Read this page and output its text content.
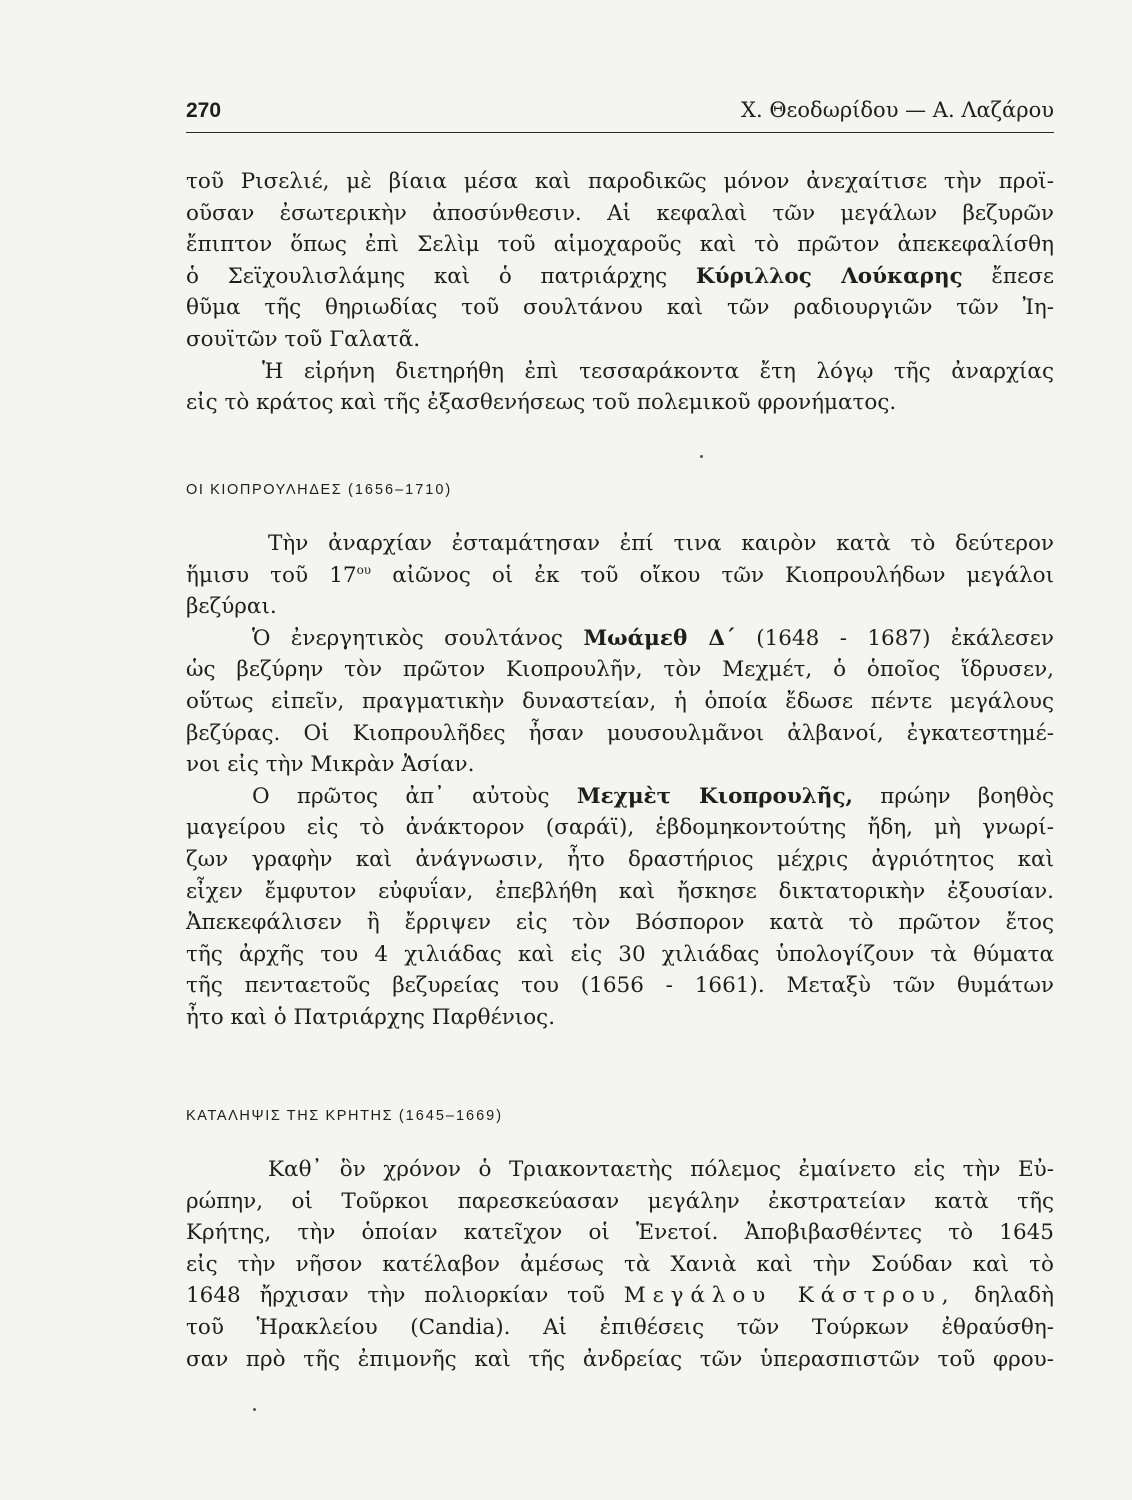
270	Χ. Θεοδωρίδου — Α. Λαζάρου
τοῦ Ρισελιέ, μὲ βίαια μέσα καὶ παροδικῶς μόνον ἀνεχαίτισε τὴν προϊ-
οῦσαν ἐσωτερικὴν ἀποσύνθεσιν. Αἱ κεφαλαὶ τῶν μεγάλων βεζυρῶν
ἔπιπτον ὅπως ἐπὶ Σελὶμ τοῦ αἱμοχαροῦς καὶ τὸ πρῶτον ἀπεκεφαλίσθη
ὁ Σεϊχουλισλάμης καὶ ὁ πατριάρχης Κύριλλος Λούκαρης ἔπεσε
θῦμα τῆς θηριωδίας τοῦ σουλτάνου καὶ τῶν ραδιουργιῶν τῶν Ἰη-
σουϊτῶν τοῦ Γαλατᾶ.
Ἡ εἰρήνη διετηρήθη ἐπὶ τεσσαράκοντα ἔτη λόγῳ τῆς ἀναρχίας
εἰς τὸ κράτος καὶ τῆς ἐξασθενήσεως τοῦ πολεμικοῦ φρονήματος.
ΟΙ ΚΙΟΠΡΟΥΛΗΔΕΣ (1656–1710)
Τὴν ἀναρχίαν ἐσταμάτησαν ἐπί τινα καιρὸν κατὰ τὸ δεύτερον
ἥμισυ τοῦ $17^{o\upsilon}$ αἰῶνος οἱ ἐκ τοῦ οἴκου τῶν Κιοπρουλήδων μεγάλοι
βεζύραι.
Ὁ ἐνεργητικὸς σουλτάνος Μωάμεθ Δ΄ (1648 - 1687) ἐκάλεσεν
ὡς βεζύρην τὸν πρῶτον Κιοπρουλῆν, τὸν Μεχμέτ, ὁ ὁποῖος ἵδρυσεν,
οὕτως εἰπεῖν, πραγματικὴν δυναστείαν, ἡ ὁποία ἔδωσε πέντε μεγάλους
βεζύρας. Οἱ Κιοπρουλῆδες ἦσαν μουσουλμᾶνοι ἀλβανοί, ἐγκατεστημέ-
νοι εἰς τὴν Μικρὰν Ἀσίαν.
Ο πρῶτος ἀπ᾿ αὐτοὺς Μεχμὲτ Κιοπρουλῆς, πρώην βοηθὸς
μαγείρου εἰς τὸ ἀνάκτορον (σαράϊ), ἑβδομηκοντούτης ἤδη, μὴ γνωρί-
ζων γραφὴν καὶ ἀνάγνωσιν, ἦτο δραστήριος μέχρις ἀγριότητος καὶ
εἶχεν ἔμφυτον εὐφυΐαν, ἐπεβλήθη καὶ ἤσκησε δικτατορικὴν ἐξουσίαν.
Ἀπεκεφάλισεν ἢ ἔρριψεν εἰς τὸν Βόσπορον κατὰ τὸ πρῶτον ἔτος
τῆς ἀρχῆς του 4 χιλιάδας καὶ εἰς 30 χιλιάδας ὑπολογίζουν τὰ θύματα
τῆς πενταετοῦς βεζυρείας του (1656 - 1661). Μεταξὺ τῶν θυμάτων
ἦτο καὶ ὁ Πατριάρχης Παρθένιος.
ΚΑΤΑΛΗΨΙΣ ΤΗΣ ΚΡΗΤΗΣ (1645–1669)
Καθ᾿ ὃν χρόνον ὁ Τριακονταετὴς πόλεμος ἐμαίνετο εἰς τὴν Εὐ-
ρώπην, οἱ Τοῦρκοι παρεσκεύασαν μεγάλην ἐκστρατείαν κατὰ τῆς
Κρήτης, τὴν ὁποίαν κατεῖχον οἱ Ἑνετοί. Ἀποβιβασθέντες τὸ 1645
εἰς τὴν νῆσον κατέλαβον ἀμέσως τὰ Χανιὰ καὶ τὴν Σούδαν καὶ τὸ
1648 ἤρχισαν τὴν πολιορκίαν τοῦ Μεγάλου Κάστρου, δηλαδὴ
τοῦ Ἡρακλείου (Candia). Αἱ ἐπιθέσεις τῶν Τούρκων ἐθραύσθη-
σαν πρὸ τῆς ἐπιμονῆς καὶ τῆς ἀνδρείας τῶν ὑπερασπιστῶν τοῦ φρου-
